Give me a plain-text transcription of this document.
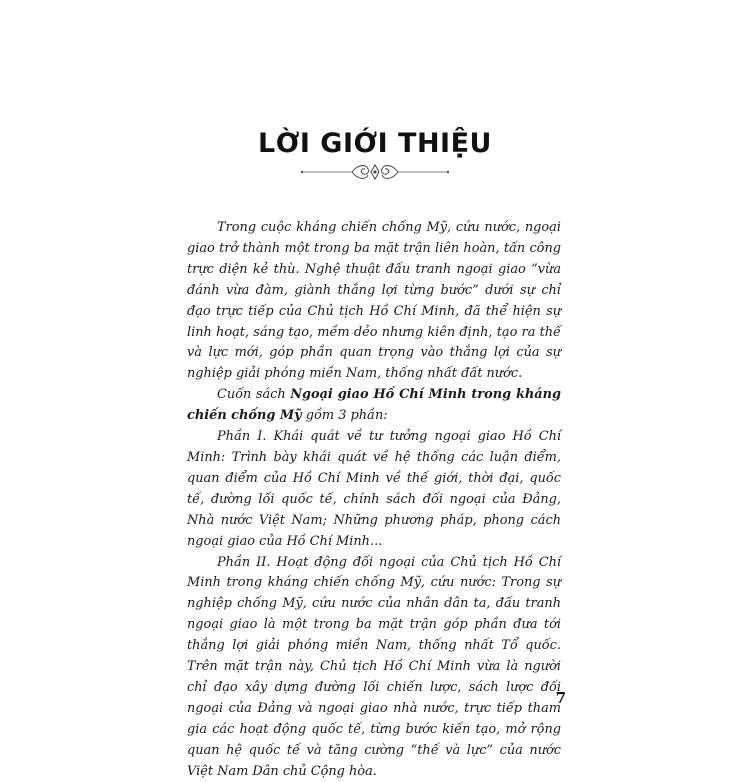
LỜI GIỚI THIỆU

Trong cuộc kháng chiến chống Mỹ, cứu nước, ngoại giao trở thành một trong ba mặt trận liên hoàn, tấn công trực diện kẻ thù. Nghệ thuật đấu tranh ngoại giao “vừa đánh vừa đàm, giành thắng lợi từng bước” dưới sự chỉ đạo trực tiếp của Chủ tịch Hồ Chí Minh, đã thể hiện sự linh hoạt, sáng tạo, mềm dẻo nhưng kiên định, tạo ra thế và lực mới, góp phần quan trọng vào thắng lợi của sự nghiệp giải phóng miền Nam, thống nhất đất nước.

Cuốn sách Ngoại giao Hồ Chí Minh trong kháng chiến chống Mỹ gồm 3 phần:

Phần I. Khái quát về tư tưởng ngoại giao Hồ Chí Minh: Trình bày khái quát về hệ thống các luận điểm, quan điểm của Hồ Chí Minh về thế giới, thời đại, quốc tế, đường lối quốc tế, chính sách đối ngoại của Đảng, Nhà nước Việt Nam; Những phương pháp, phong cách ngoại giao của Hồ Chí Minh...

Phần II. Hoạt động đối ngoại của Chủ tịch Hồ Chí Minh trong kháng chiến chống Mỹ, cứu nước: Trong sự nghiệp chống Mỹ, cứu nước của nhân dân ta, đấu tranh ngoại giao là một trong ba mặt trận góp phần đưa tới thắng lợi giải phóng miền Nam, thống nhất Tổ quốc. Trên mặt trận này, Chủ tịch Hồ Chí Minh vừa là người chỉ đạo xây dựng đường lối chiến lược, sách lược đối ngoại của Đảng và ngoại giao nhà nước, trực tiếp tham gia các hoạt động quốc tế, từng bước kiến tạo, mở rộng quan hệ quốc tế và tăng cường “thế và lực” của nước Việt Nam Dân chủ Cộng hòa.

7
